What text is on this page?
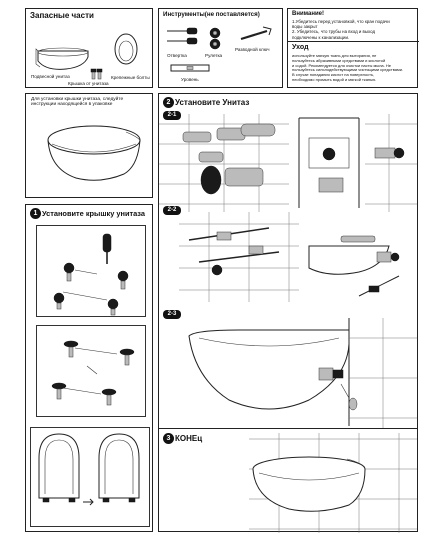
Запасные части
Подвесной унитаз	Крепежные болты
Крышка от унитаза
Инструменты(не поставляется)
Отвертка	Рулетка
Разводной ключ
Уровень
Внимание!
1.Убедитесь перед установкой, что кран подачи
воды закрыт
2. Убедитесь, что трубы на вход и выход
подключены к канализации.
Уход
используйте мягкую ткань для вытирания, не
пользуйтесь абразивными средствами и кислотой
и содой. Рекомендуется для очистки пасты мыла. Не
пользуйтесь сильнодействующими чистящими средствами.
В случае попадания кислот на поверхность,
необходимо промыть водой и мягкой тканью.
Для установки крышки унитаза, следуйте
инструкции находящейся в упаковке
1 Установите крышку унитаза
2 Установите Унитаз
2-1
2-2
2-3
3 КОНЕц
